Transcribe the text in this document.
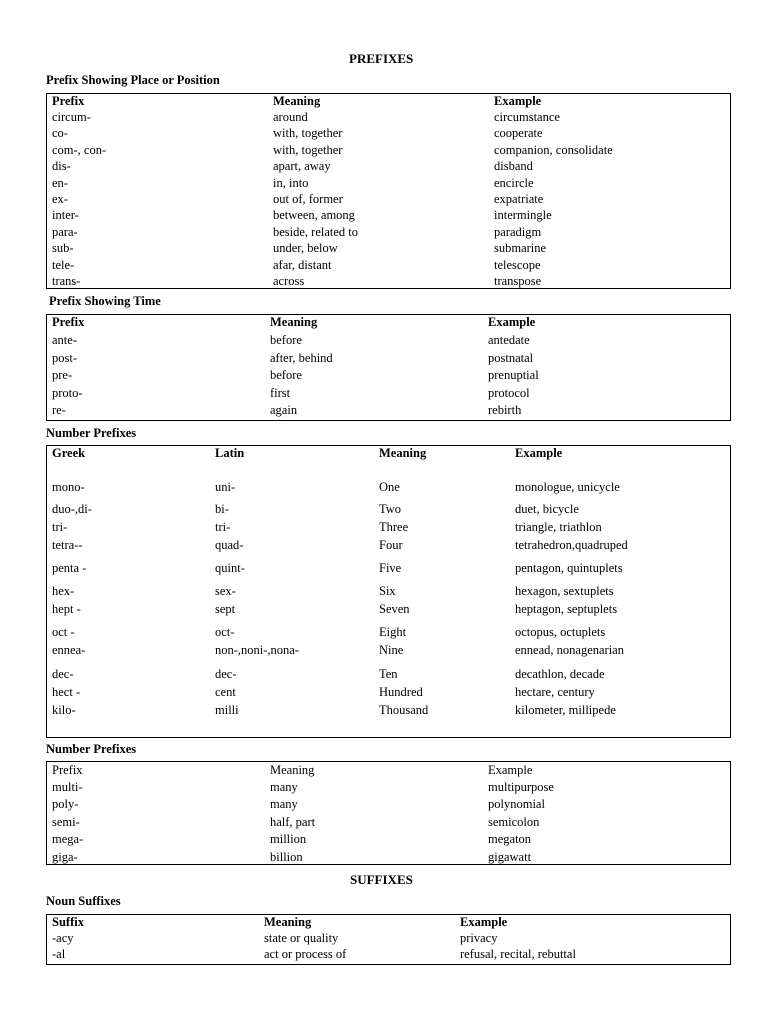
PREFIXES
Prefix Showing Place or Position
Prefix	Meaning	Example
circum-	around	circumstance
co-	with, together	cooperate
com-, con-	with, together	companion, consolidate
dis-	apart, away	disband
en-	in, into	encircle
ex-	out of, former	expatriate
inter-	between, among	intermingle
para-	beside, related to	paradigm
sub-	under, below	submarine
tele-	afar, distant	telescope
trans-	across	transpose
Prefix Showing Time
Prefix	Meaning	Example
ante-	before	antedate
post-	after, behind	postnatal
pre-	before	prenuptial
proto-	first	protocol
re-	again	rebirth
Number Prefixes
Greek	Latin	Meaning	Example
mono-	uni-	One	monologue, unicycle
duo-,di-	bi-	Two	duet, bicycle
tri-	tri-	Three	triangle, triathlon
tetra--	quad-	Four	tetrahedron,quadruped
penta -	quint-	Five	pentagon, quintuplets
hex-	sex-	Six	hexagon, sextuplets
hept -	sept	Seven	heptagon, septuplets
oct -	oct-	Eight	octopus, octuplets
ennea-	non-,noni-,nona-	Nine	ennead, nonagenarian
dec-	dec-	Ten	decathlon, decade
hect -	cent	Hundred	hectare, century
kilo-	milli	Thousand	kilometer, millipede
Number Prefixes
Prefix	Meaning	Example
multi-	many	multipurpose
poly-	many	polynomial
semi-	half, part	semicolon
mega-	million	megaton
giga-	billion	gigawatt
SUFFIXES
Noun Suffixes
Suffix	Meaning	Example
-acy	state or quality	privacy
-al	act or process of	refusal, recital, rebuttal
